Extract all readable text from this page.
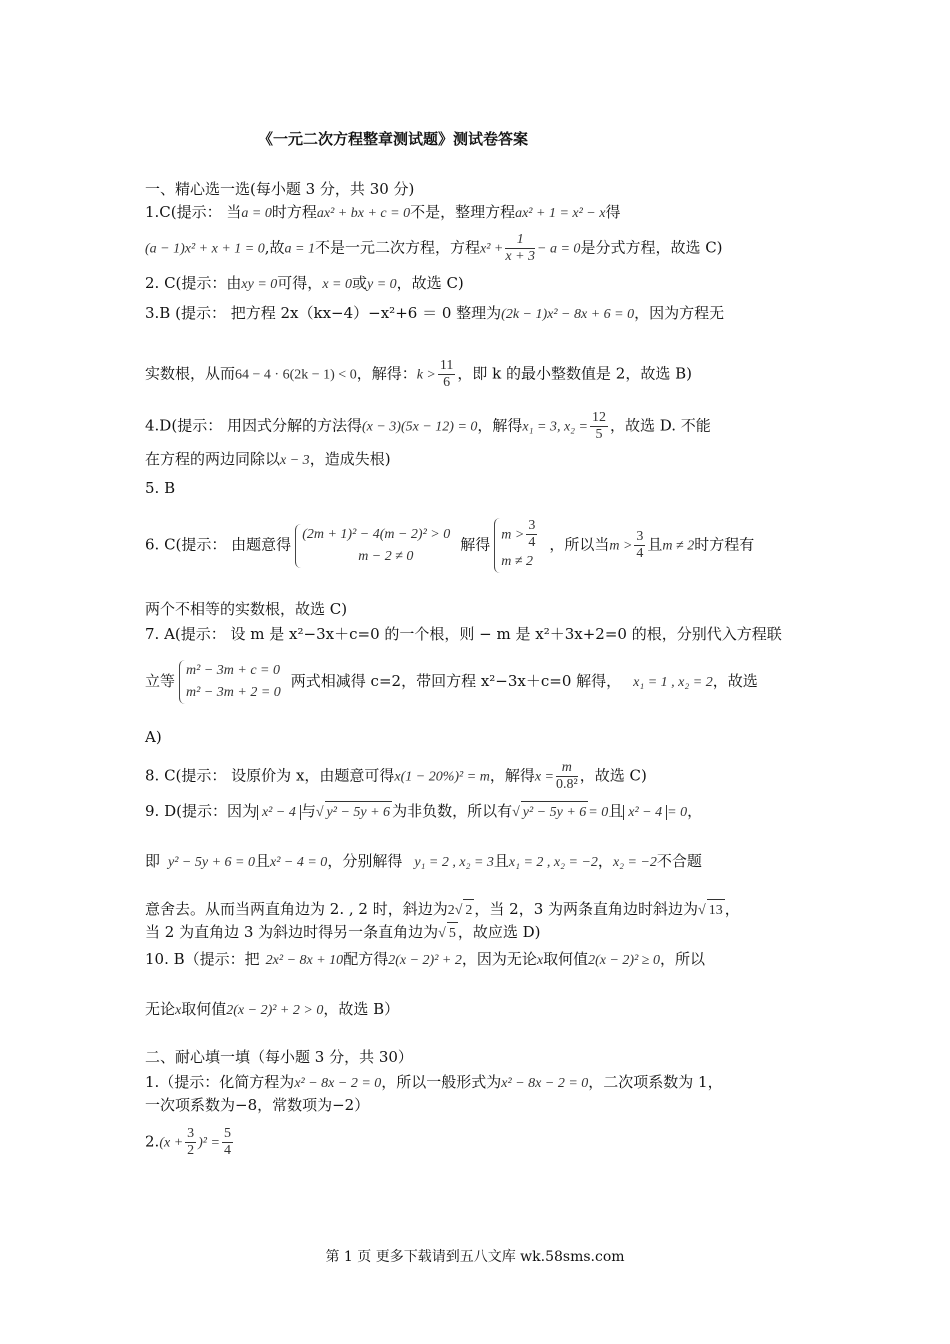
《一元二次方程整章测试题》测试卷答案
一、精心选一选(每小题 3 分，共 30 分)
1.C(提示： 当a = 0时方程ax² + bx + c = 0不是，整理方程ax² + 1 = x² − x得
(a − 1)x² + x + 1 = 0,故a = 1不是一元二次方程，方程$x^2 + \frac{1}{x + 3} - a = 0$是分式方程，故选 C)
2. C(提示：由xy = 0可得，x = 0或y = 0，故选 C)
3.B (提示： 把方程 2x（kx−4）−x²+6 ＝ 0 整理为(2k − 1)x² − 8x + 6 = 0，因为方程无
实数根，从而64 − 4 · 6(2k − 1) < 0，解得：$k > \frac{11}{6}$ ，即 k 的最小整数值是 2，故选 B)
4.D(提示： 用因式分解的方法得(x − 3)(5x − 12) = 0，解得x₁ = 3, $x_2 = \frac{12}{5}$ ，故选 D. 不能
在方程的两边同除以x − 3，造成失根)
5. B
6. C(提示： 由题意得
(2m + 1)² − 4(m − 2)² > 0
m − 2 ≠ 0
解得
$m > \frac{3}{4}$
m ≠ 2
，所以当$m > \frac{3}{4}$ 且m ≠ 2时方程有
两个不相等的实数根，故选 C)
7. A(提示： 设 m 是 x²−3x＋c=0 的一个根，则 − m 是 x²＋3x+2=0 的根，分别代入方程联
立等
m² − 3m + c = 0
m² − 3m + 2 = 0
两式相减得 c=2，带回方程 x²−3x＋c=0 解得， x₁ = 1 , x₂ = 2，故选
A)
8. C(提示： 设原价为 x，由题意可得x(1 − 20%)² = m，解得$x = \frac{m}{\text{0.8²}}$ ，故选 C)
9. D(提示：因为 x² − 4 与√ y² − 5y + 6 为非负数，所以有√ y² − 5y + 6 = 0且 x² − 4 = 0，
即 y² − 5y + 6 = 0且x² − 4 = 0，分别解得 y₁ = 2 , x₂ = 3且x₁ = 2 , x₂ = −2，x₂ = −2不合题
意舍去。从而当两直角边为 2. , 2 时，斜边为2√ 2 ，当 2，3 为两条直角边时斜边为√ 13 ，
当 2 为直角边 3 为斜边时得另一条直角边为√ 5 ，故应选 D)
10. B（提示：把 2x² − 8x + 10配方得2(x − 2)² + 2，因为无论x取何值2(x − 2)² ≥ 0，所以
无论x取何值2(x − 2)² + 2 > 0，故选 B）
二、耐心填一填（每小题 3 分，共 30）
1.（提示：化简方程为x² − 8x − 2 = 0，所以一般形式为x² − 8x − 2 = 0，二次项系数为 1，
一次项系数为−8，常数项为−2）
$2.(x + \frac{3}{2} )^2 = \frac{5}{4}$
第 1 页 更多下载请到五八文库 wk.58sms.com
